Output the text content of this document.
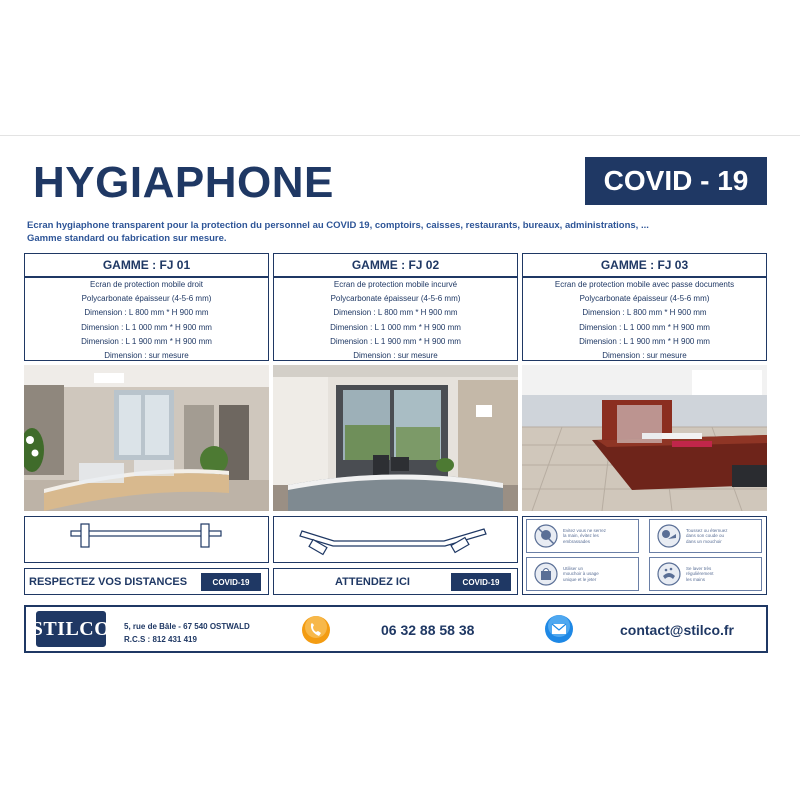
HYGIAPHONE	COVID - 19
Ecran hygiaphone transparent pour la protection du personnel au COVID 19, comptoirs, caisses, restaurants, bureaux, administrations, ...
Gamme standard ou fabrication sur mesure.
GAMME : FJ 01
Ecran de protection mobile droit
Polycarbonate épaisseur (4-5-6 mm)
Dimension : L 800 mm * H 900 mm
Dimension : L 1 000 mm * H 900 mm
Dimension : L 1 900 mm * H 900 mm
Dimension : sur mesure
GAMME : FJ 02
Ecran de protection mobile incurvé
Polycarbonate épaisseur (4-5-6 mm)
Dimension : L 800 mm * H 900 mm
Dimension : L 1 000 mm * H 900 mm
Dimension : L 1 900 mm * H 900 mm
Dimension : sur mesure
GAMME : FJ 03
Ecran de protection mobile avec passe documents
Polycarbonate épaisseur (4-5-6 mm)
Dimension : L 800 mm * H 900 mm
Dimension : L 1 000 mm * H 900 mm
Dimension : L 1 900 mm * H 900 mm
Dimension : sur mesure
RESPECTEZ VOS DISTANCES	COVID-19	ATTENDEZ ICI	COVID-19
Evitez vous ne serrez
la main, évitez les
embrassades
Toussez ou éternuez
dans son coude ou
dans un mouchoir
Utiliser un
mouchoir à usage
unique et le jeter
Se laver très
régulièrement
les mains
STILCO 5, rue de Bâle - 67 540 OSTWALD
R.C.S : 812 431 419
06 32 88 58 38	contact@stilco.fr
